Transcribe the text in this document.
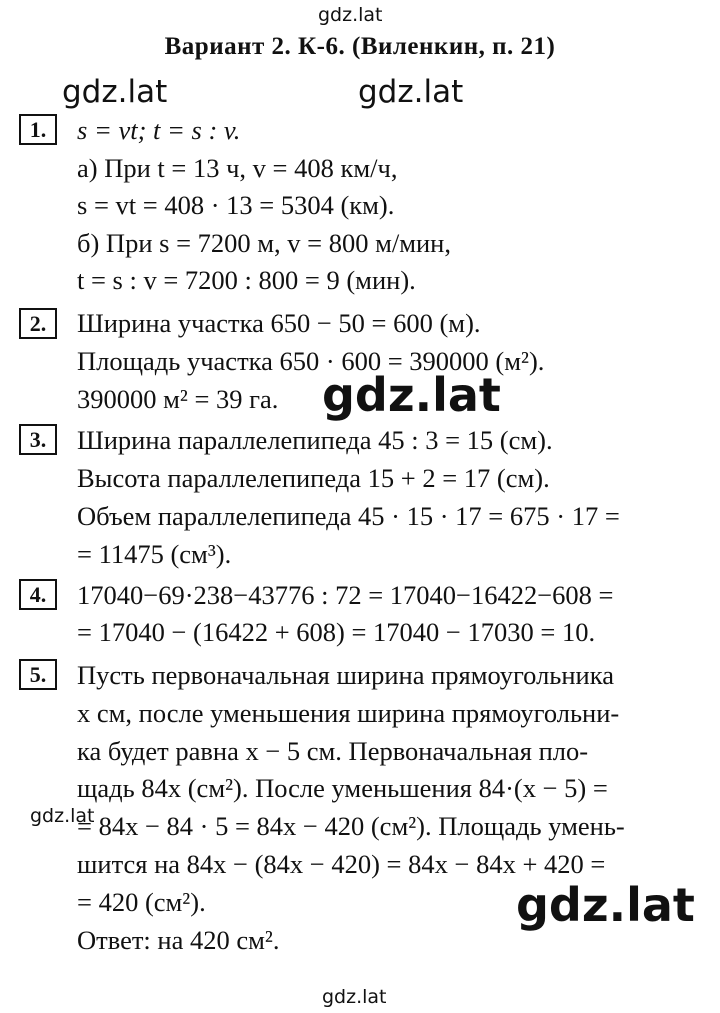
gdz.lat
gdz.lat	gdz.lat
Вариант 2. К-6. (Виленкин, п. 21)
1.	s = vt; t = s : v.
а) При t = 13 ч, v = 408 км/ч,
s = vt = 408 · 13 = 5304 (км).
б) При s = 7200 м, v = 800 м/мин,
t = s : v = 7200 : 800 = 9 (мин).
2.	Ширина участка 650 − 50 = 600 (м).
Площадь участка 650 · 600 = 390000 (м²).
390000 м² = 39 га. gdz.lat
3.	Ширина параллелепипеда 45 : 3 = 15 (см).
Высота параллелепипеда 15 + 2 = 17 (см).
Объем параллелепипеда 45 · 15 · 17 = 675 · 17 =
= 11475 (см³).
4.	17040−69·238−43776 : 72 = 17040−16422−608 =
= 17040 − (16422 + 608) = 17040 − 17030 = 10.
5.	Пусть первоначальная ширина прямоугольника
x см, после уменьшения ширина прямоугольни-
ка будет равна x − 5 см. Первоначальная пло-
щадь 84x (см²). После уменьшения 84·(x − 5) =
gdz.lat
= 84x − 84 · 5 = 84x − 420 (см²). Площадь умень-
шится на 84x − (84x − 420) = 84x − 84x + 420 =
= 420 (см²).	gdz.lat
Ответ: на 420 см².
gdz.lat
